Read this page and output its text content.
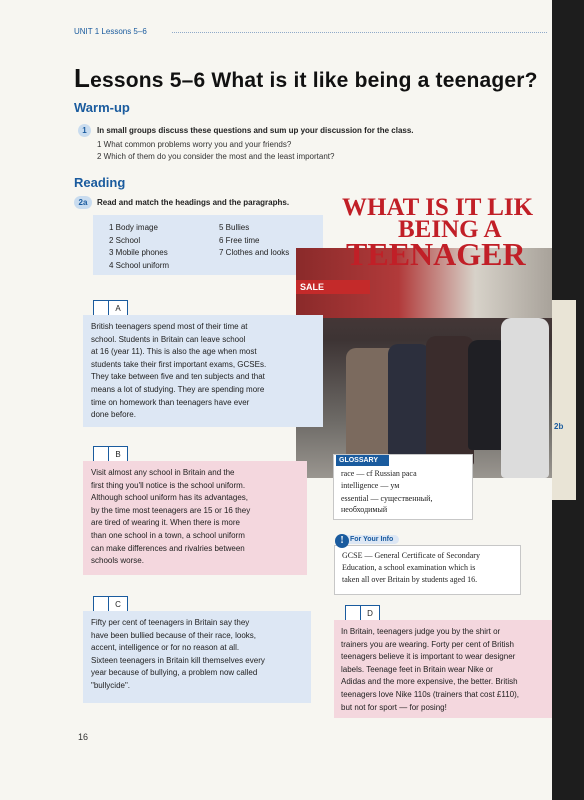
UNIT 1 Lessons 5–6
Lessons 5–6 What is it like being a teenager?
Warm-up
1	In small groups discuss these questions and sum up your discussion for the class.
1 What common problems worry you and your friends?
2 Which of them do you consider the most and the least important?
Reading
2a	Read and match the headings and the paragraphs.
1 Body image
2 School
3 Mobile phones
4 School uniform
5 Bullies
6 Free time
7 Clothes and looks
SALE
WHAT IS IT LIK
BEING A
TEENAGER
A
British teenagers spend most of their time at
school. Students in Britain can leave school
at 16 (year 11). This is also the age when most
students take their first important exams, GCSEs.
They take between five and ten subjects and that
means a lot of studying. They are spending more
time on homework than teenagers have ever
done before.
B
Visit almost any school in Britain and the
first thing you'll notice is the school uniform.
Although school uniform has its advantages,
by the time most teenagers are 15 or 16 they
are tired of wearing it. When there is more
than one school in a town, a school uniform
can make differences and rivalries between
schools worse.
C
Fifty per cent of teenagers in Britain say they
have been bullied because of their race, looks,
accent, intelligence or for no reason at all.
Sixteen teenagers in Britain kill themselves every
year because of bullying, a problem now called
"bullycide".
GLOSSARY
race — cf Russian раса
intelligence — ум
essential — существенный,
необходимый
For Your Info
!
GCSE — General Certificate of Secondary
Education, a school examination which is
taken all over Britain by students aged 16.
D
In Britain, teenagers judge you by the shirt or
trainers you are wearing. Forty per cent of British
teenagers believe it is important to wear designer
labels. Teenage feet in Britain wear Nike or
Adidas and the more expensive, the better. British
teenagers love Nike 110s (trainers that cost £110),
but not for sport — for posing!
16
2b
